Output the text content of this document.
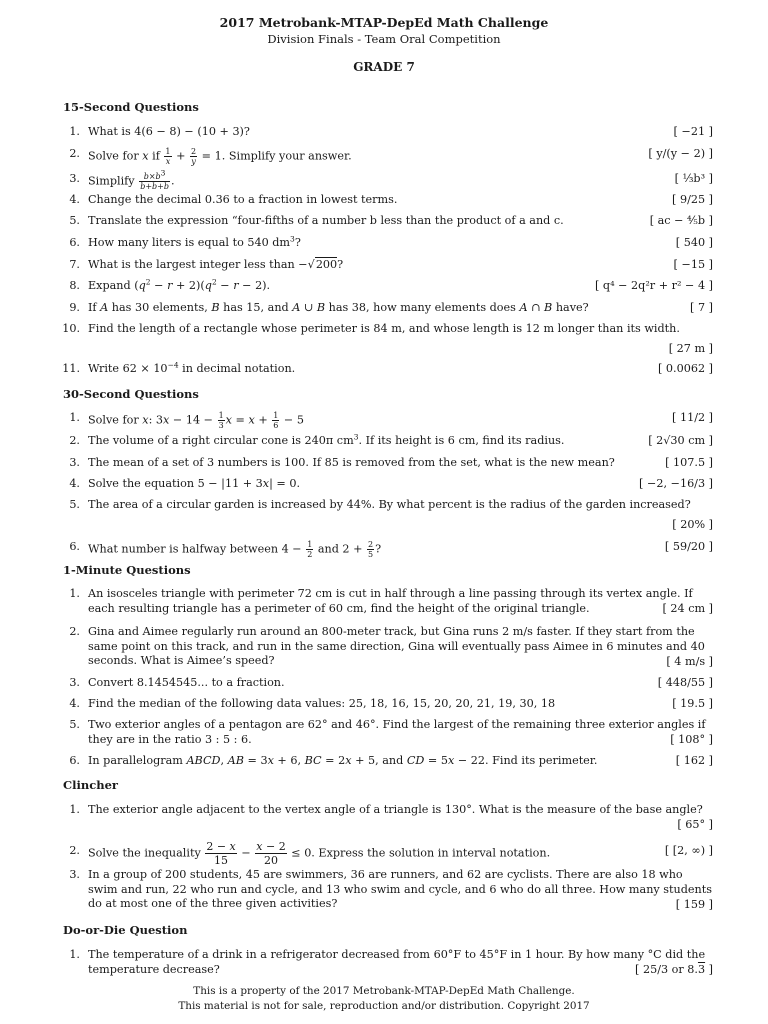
2017 Metrobank-MTAP-DepEd Math Challenge
Division Finals - Team Oral Competition
GRADE 7
15-Second Questions
1. What is 4(6 − 8) − (10 + 3)?	[ −21 ]
2. Solve for x if $\frac{1}{x} + \frac{2}{y} = 1$. Simplify your answer.	[ y/(y − 2) ]
3. Simplify $\frac{b\times b^3}{b+b+b}$ .	[ ⅓b³ ]
4. Change the decimal 0.36 to a fraction in lowest terms.	[ 9/25 ]
5. Translate the expression “four-fifths of a number b less than the product of a and c.	[ ac − ⅘b ]
6. How many liters is equal to 540 $dm^3$?	[ 540 ]
7. What is the largest integer less than −√200?	[ −15 ]
8. Expand $(q^2 - r + 2)(q^2 - r - 2)$.	[ q⁴ − 2q²r + r² − 4 ]
9. If A has 30 elements, B has 15, and A ∪ B has 38, how many elements does A ∩ B have?	[ 7 ]
10. Find the length of a rectangle whose perimeter is 84 m, and whose length is 12 m longer than its width.
[ 27 m ]
11. Write $62 \times 10^{-4}$ in decimal notation.	[ 0.0062 ]
30-Second Questions
1. Solve for x: $3x - 14 - \frac{1}{3}$ $x = x + \frac{1}{6} - 5$	[ 11/2 ]
2. The volume of a right circular cone is 240π $cm^3$. If its height is 6 cm, find its radius.	[ 2√30 cm ]
3. The mean of a set of 3 numbers is 100. If 85 is removed from the set, what is the new mean?	[ 107.5 ]
4. Solve the equation 5 − |11 + 3x| = 0.	[ −2, −16/3 ]
5. The area of a circular garden is increased by 44%. By what percent is the radius of the garden increased?
[ 20% ]
6. What number is halfway between $4 - \frac{1}{2}$ and $2 + \frac{2}{5}$ ?	[ 59/20 ]
1-Minute Questions
1. An isosceles triangle with perimeter 72 cm is cut in half through a line passing through its vertex angle. If each resulting triangle has a perimeter of 60 cm, find the height of the original triangle.	[ 24 cm ]
2. Gina and Aimee regularly run around an 800-meter track, but Gina runs 2 m/s faster. If they start from the same point on this track, and run in the same direction, Gina will eventually pass Aimee in 6 minutes and 40 seconds. What is Aimee’s speed?	[ 4 m/s ]
3. Convert 8.1454545... to a fraction.	[ 448/55 ]
4. Find the median of the following data values: 25, 18, 16, 15, 20, 20, 21, 19, 30, 18	[ 19.5 ]
5. Two exterior angles of a pentagon are 62° and 46°. Find the largest of the remaining three exterior angles if they are in the ratio 3 : 5 : 6.	[ 108° ]
6. In parallelogram ABCD, AB = 3x + 6, BC = 2x + 5, and CD = 5x − 22. Find its perimeter.	[ 162 ]
Clincher
1. The exterior angle adjacent to the vertex angle of a triangle is 130°. What is the measure of the base angle?
[ 65° ]
2. Solve the inequality $\frac{2 - x}{15} - \frac{x - 2}{20} \le 0$. Express the solution in interval notation.	[ [2, ∞) ]
3. In a group of 200 students, 45 are swimmers, 36 are runners, and 62 are cyclists. There are also 18 who swim and run, 22 who run and cycle, and 13 who swim and cycle, and 6 who do all three. How many students do at most one of the three given activities?	[ 159 ]
Do-or-Die Question
1. The temperature of a drink in a refrigerator decreased from 60°F to 45°F in 1 hour. By how many °C did the temperature decrease?	[ 25/3 or 8.3 ]
This is a property of the 2017 Metrobank-MTAP-DepEd Math Challenge.
This material is not for sale, reproduction and/or distribution. Copyright 2017
